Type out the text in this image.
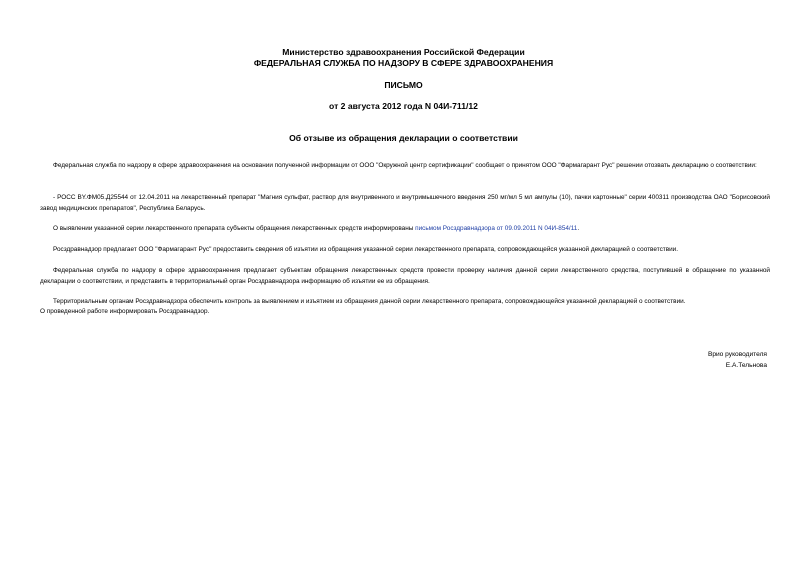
Министерство здравоохранения Российской Федерации
ФЕДЕРАЛЬНАЯ СЛУЖБА ПО НАДЗОРУ В СФЕРЕ ЗДРАВООХРАНЕНИЯ
ПИСЬМО
от 2 августа 2012 года N 04И-711/12
Об отзыве из обращения декларации о соответствии

Федеральная служба по надзору в сфере здравоохранения на основании полученной информации от ООО "Окружной центр сертификации" сообщает о принятом ООО "Фармагарант Рус" решении отозвать декларацию о соответствии:

- РОСС BY.ФМ05.Д25544 от 12.04.2011 на лекарственный препарат "Магния сульфат, раствор для внутривенного и внутримышечного введения 250 мг/мл 5 мл ампулы (10), пачки картонные" серии 400311 производства ОАО "Борисовский завод медицинских препаратов", Республика Беларусь.

О выявлении указанной серии лекарственного препарата субъекты обращения лекарственных средств информированы письмом Росздравнадзора от 09.09.2011 N 04И-854/11.

Росздравнадзор предлагает ООО "Фармагарант Рус" предоставить сведения об изъятии из обращения указанной серии лекарственного препарата, сопровождающейся указанной декларацией о соответствии.

Федеральная служба по надзору в сфере здравоохранения предлагает субъектам обращения лекарственных средств провести проверку наличия данной серии лекарственного средства, поступившей в обращение по указанной декларации о соответствии, и представить в территориальный орган Росздравнадзора информацию об изъятии ее из обращения.

Территориальным органам Росздравнадзора обеспечить контроль за выявлением и изъятием из обращения данной серии лекарственного препарата, сопровождающейся указанной декларацией о соответствии.

О проведенной работе информировать Росздравнадзор.

Врио руководителя
Е.А.Тельнова
